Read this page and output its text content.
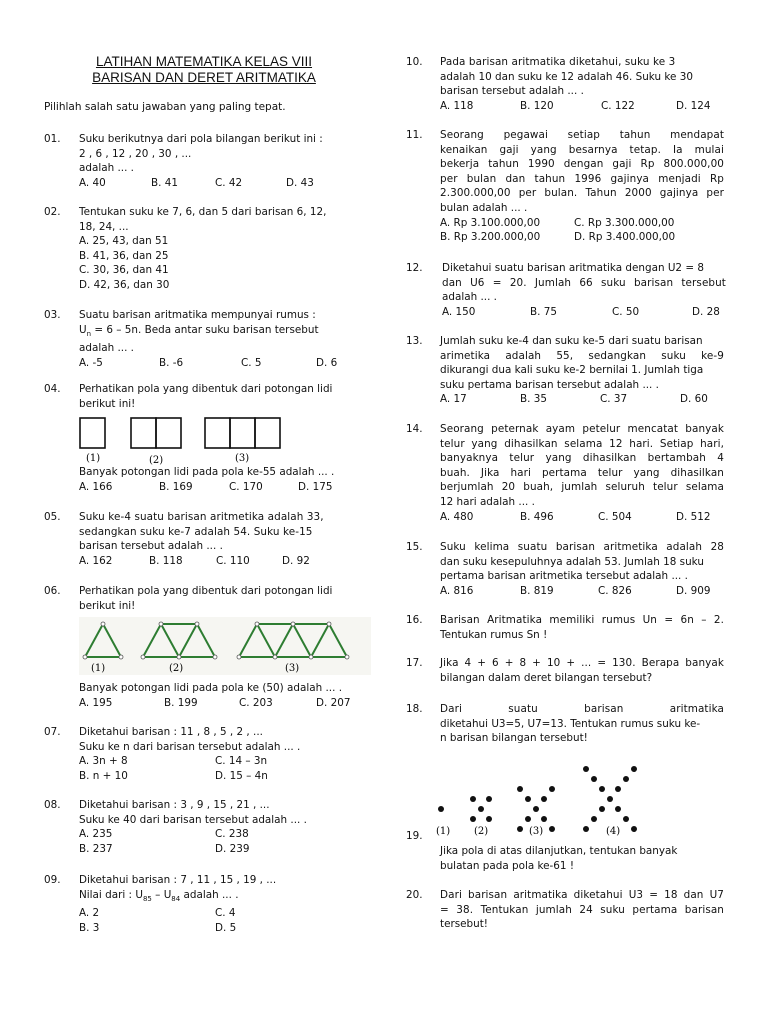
LATIHAN MATEMATIKA KELAS VIII
BARISAN DAN DERET ARITMATIKA
Pilihlah salah satu jawaban yang paling tepat.
01.	Suku berikutnya dari pola bilangan berikut ini :
2 , 6 , 12 , 20 , 30 , ...
adalah ... .
A. 40	B. 41	C. 42	D. 43
02.	Tentukan suku ke 7, 6, dan 5 dari barisan 6, 12,
18, 24, ...
A. 25, 43, dan 51
B. 41, 36, dan 25
C. 30, 36, dan 41
D. 42, 36, dan 30
03.	Suatu barisan aritmatika mempunyai rumus :
$U_n = 6 - 5n$. Beda antar suku barisan tersebut
adalah ... .
A. -5	B. -6	C. 5	D. 6
04.	Perhatikan pola yang dibentuk dari potongan lidi
berikut ini!
(1)	(2)	(3)
Banyak potongan lidi pada pola ke-55 adalah ... .
A. 166	B. 169	C. 170	D. 175
05.	Suku ke-4 suatu barisan aritmetika adalah 33,
sedangkan suku ke-7 adalah 54. Suku ke-15
barisan tersebut adalah ... .
A. 162	B. 118	C. 110	D. 92
06.	Perhatikan pola yang dibentuk dari potongan lidi
berikut ini!
(1)	(2)	(3)
Banyak potongan lidi pada pola ke (50) adalah ... .
A. 195	B. 199	C. 203	D. 207
07.	Diketahui barisan : 11 , 8 , 5 , 2 , ...
Suku ke n dari barisan tersebut adalah ... .
A. 3n + 8	C. 14 – 3n
B. n + 10	D. 15 – 4n
08.	Diketahui barisan : 3 , 9 , 15 , 21 , ...
Suku ke 40 dari barisan tersebut adalah ... .
A. 235	C. 238
B. 237	D. 239
09.	Diketahui barisan : 7 , 11 , 15 , 19 , ...
Nilai dari : $U_{85} - U_{84}$ adalah ... .
A. 2	C. 4
B. 3	D. 5
10.	Pada barisan aritmatika diketahui, suku ke 3
adalah 10 dan suku ke 12 adalah 46. Suku ke 30
barisan tersebut adalah ... .
A. 118	B. 120	C. 122	D. 124
11.	Seorang pegawai setiap tahun mendapat
kenaikan gaji yang besarnya tetap. Ia mulai
bekerja tahun 1990 dengan gaji Rp 800.000,00
per bulan dan tahun 1996 gajinya menjadi Rp
2.300.000,00 per bulan. Tahun 2000 gajinya per
bulan adalah ... .
A. Rp 3.100.000,00	C. Rp 3.300.000,00
B. Rp 3.200.000,00	D. Rp 3.400.000,00
12.	Diketahui suatu barisan aritmatika dengan U2 = 8
dan U6 = 20. Jumlah 66 suku barisan tersebut
adalah ... .
A. 150	B. 75	C. 50	D. 28
13.	Jumlah suku ke-4 dan suku ke-5 dari suatu barisan
arimetika adalah 55, sedangkan suku ke-9
dikurangi dua kali suku ke-2 bernilai 1. Jumlah tiga
suku pertama barisan tersebut adalah ... .
A. 17	B. 35	C. 37	D. 60
14.	Seorang peternak ayam petelur mencatat banyak
telur yang dihasilkan selama 12 hari. Setiap hari,
banyaknya telur yang dihasilkan bertambah 4
buah. Jika hari pertama telur yang dihasilkan
berjumlah 20 buah, jumlah seluruh telur selama
12 hari adalah ... .
A. 480	B. 496	C. 504	D. 512
15.	Suku kelima suatu barisan aritmetika adalah 28
dan suku kesepuluhnya adalah 53. Jumlah 18 suku
pertama barisan aritmetika tersebut adalah ... .
A. 816	B. 819	C. 826	D. 909
16.	Barisan Aritmatika memiliki rumus Un = 6n – 2.
Tentukan rumus Sn !
17.	Jika 4 + 6 + 8 + 10 + ... = 130. Berapa banyak
bilangan dalam deret bilangan tersebut?
18.	Dari suatu barisan aritmatika
diketahui U3=5, U7=13. Tentukan rumus suku ke-
n barisan bilangan tersebut!
(1) (2)	(3)	(4)
19.
Jika pola di atas dilanjutkan, tentukan banyak
bulatan pada pola ke-61 !
20.	Dari barisan aritmatika diketahui U3 = 18 dan U7
= 38. Tentukan jumlah 24 suku pertama barisan
tersebut!
